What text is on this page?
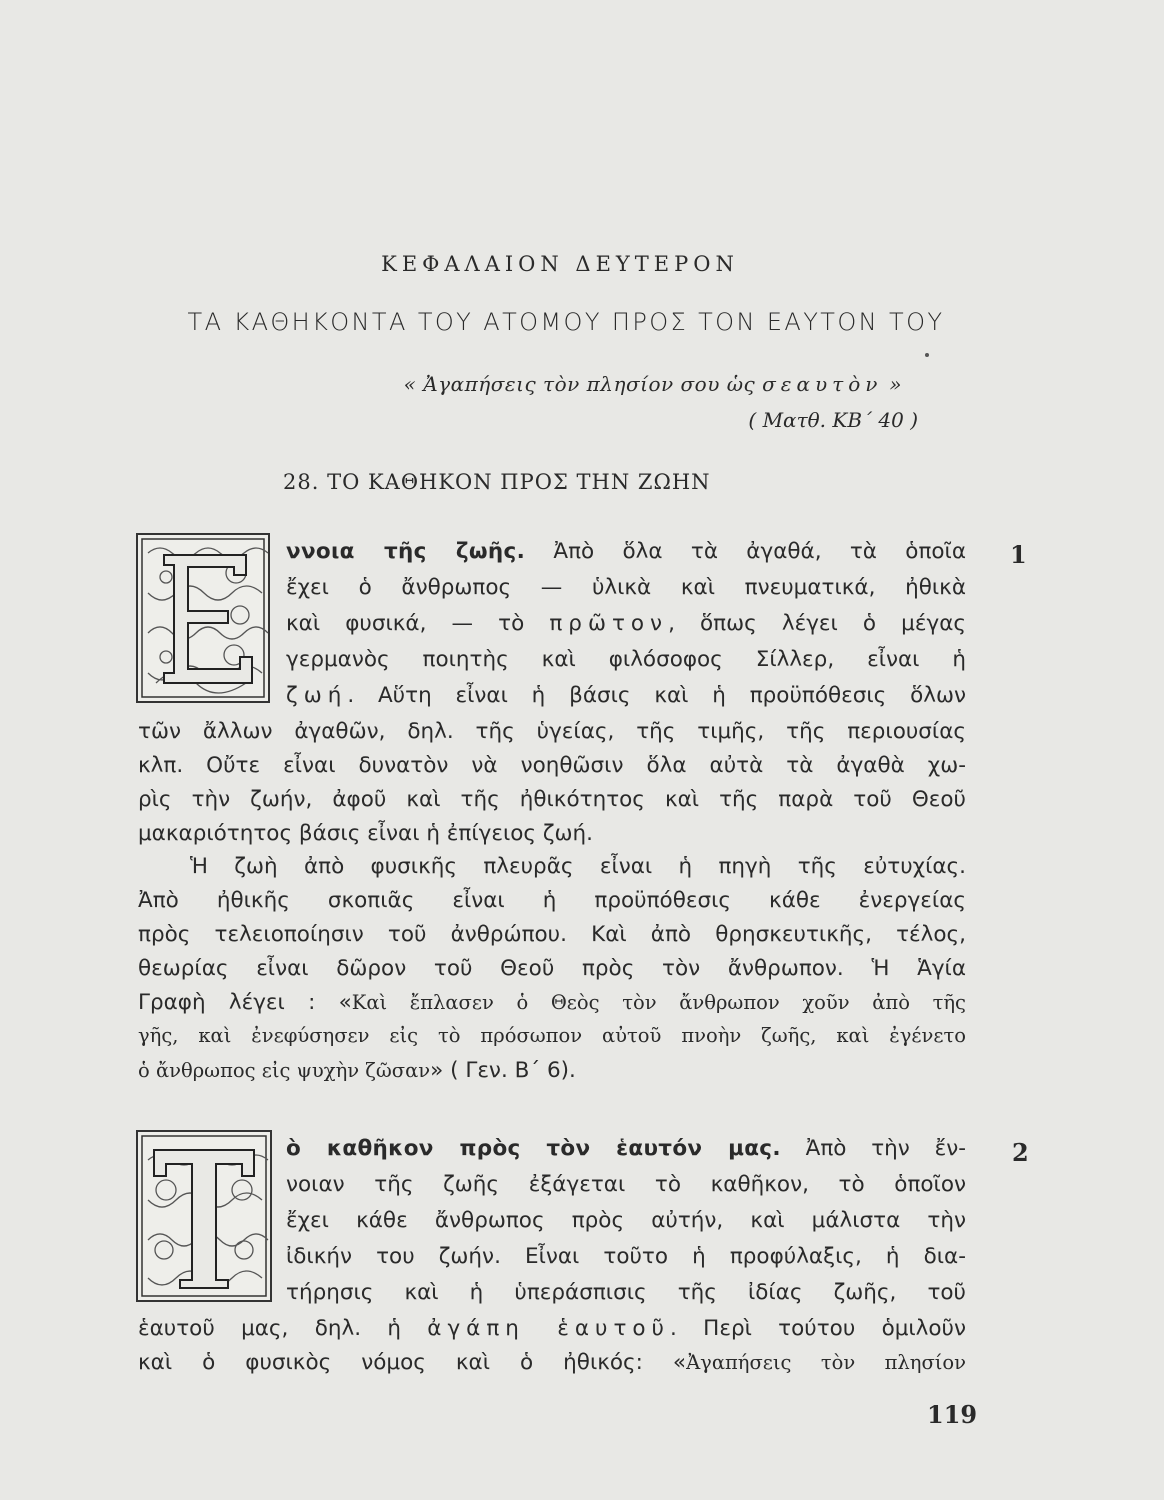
ΚΕΦΑΛΑΙΟΝ ΔΕΥΤΕΡΟΝ
ΤΑ ΚΑΘΗΚΟΝΤΑ ΤΟΥ ΑΤΟΜΟΥ ΠΡΟΣ ΤΟΝ ΕΑΥΤΟΝ ΤΟΥ
« Ἀγαπήσεις τὸν πλησίον σου ὡς σεαυτὸν »
( Ματθ. ΚΒ΄ 40 )
28. ΤΟ ΚΑΘΗΚΟΝ ΠΡΟΣ ΤΗΝ ΖΩΗΝ
1
ννοια τῆς ζωῆς. Ἀπὸ ὅλα τὰ ἀγαθά, τὰ ὁποῖα
ἔχει ὁ ἄνθρωπος — ὑλικὰ καὶ πνευματικά, ἠθικὰ
καὶ φυσικά, — τὸ πρῶτον, ὅπως λέγει ὁ μέγας
γερμανὸς ποιητὴς καὶ φιλόσοφος Σίλλερ, εἶναι ἡ
ζωή. Αὕτη εἶναι ἡ βάσις καὶ ἡ προϋπόθεσις ὅλων
τῶν ἄλλων ἀγαθῶν, δηλ. τῆς ὑγείας, τῆς τιμῆς, τῆς περιουσίας
κλπ. Οὔτε εἶναι δυνατὸν νὰ νοηθῶσιν ὅλα αὐτὰ τὰ ἀγαθὰ χω-
ρὶς τὴν ζωήν, ἀφοῦ καὶ τῆς ἠθικότητος καὶ τῆς παρὰ τοῦ Θεοῦ
μακαριότητος βάσις εἶναι ἡ ἐπίγειος ζωή.
Ἡ ζωὴ ἀπὸ φυσικῆς πλευρᾶς εἶναι ἡ πηγὴ τῆς εὐτυχίας.
Ἀπὸ ἠθικῆς σκοπιᾶς εἶναι ἡ προϋπόθεσις κάθε ἐνεργείας
πρὸς τελειοποίησιν τοῦ ἀνθρώπου. Καὶ ἀπὸ θρησκευτικῆς, τέλος,
θεωρίας εἶναι δῶρον τοῦ Θεοῦ πρὸς τὸν ἄνθρωπον. Ἡ Ἁγία
Γραφὴ λέγει : «Καὶ ἔπλασεν ὁ Θεὸς τὸν ἄνθρωπον χοῦν ἀπὸ τῆς
γῆς, καὶ ἐνεφύσησεν εἰς τὸ πρόσωπον αὐτοῦ πνοὴν ζωῆς, καὶ ἐγένετο
ὁ ἄνθρωπος εἰς ψυχὴν ζῶσαν» ( Γεν. Β΄ 6).
2
ὸ καθῆκον πρὸς τὸν ἑαυτόν μας. Ἀπὸ τὴν ἔν-
νοιαν τῆς ζωῆς ἐξάγεται τὸ καθῆκον, τὸ ὁποῖον
ἔχει κάθε ἄνθρωπος πρὸς αὐτήν, καὶ μάλιστα τὴν
ἰδικήν του ζωήν. Εἶναι τοῦτο ἡ προφύλαξις, ἡ δια-
τήρησις καὶ ἡ ὑπεράσπισις τῆς ἰδίας ζωῆς, τοῦ
ἑαυτοῦ μας, δηλ. ἡ ἀγάπη ἑαυτοῦ. Περὶ τούτου ὁμιλοῦν
καὶ ὁ φυσικὸς νόμος καὶ ὁ ἠθικός: «Ἀγαπήσεις τὸν πλησίον
119
